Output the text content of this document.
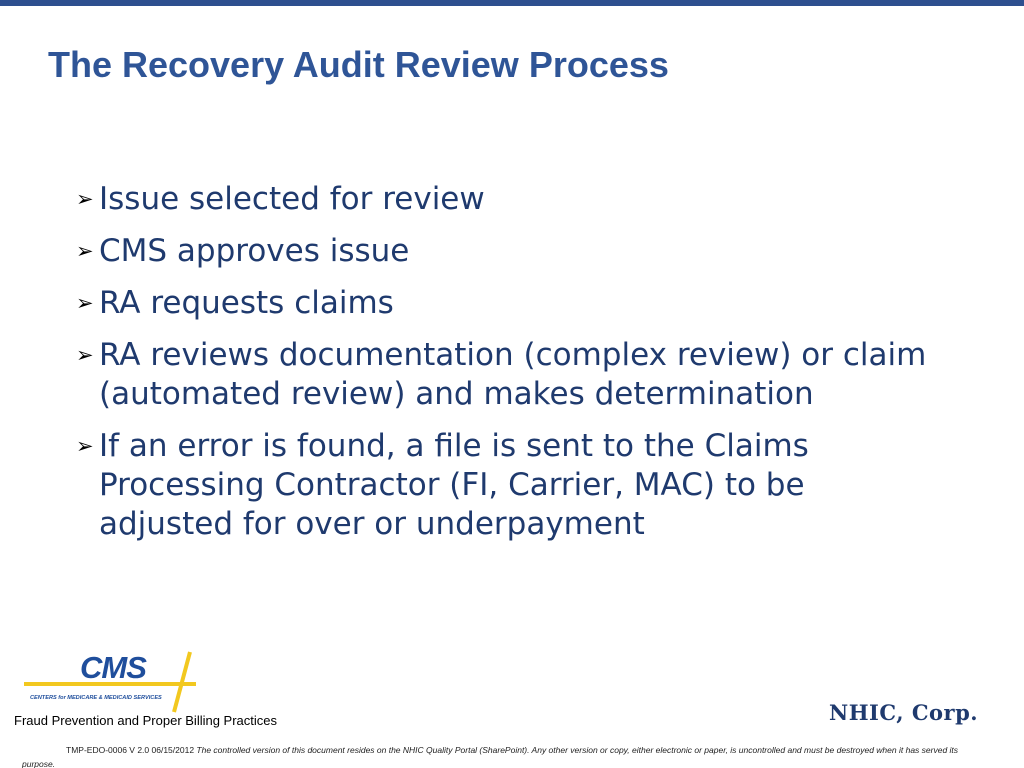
The Recovery Audit Review Process
➢ Issue selected for review
➢ CMS approves issue
➢ RA requests claims
➢ RA reviews documentation (complex review) or claim (automated review) and makes determination
➢ If an error is found, a file is sent to the Claims Processing Contractor (FI, Carrier, MAC) to be adjusted for over or underpayment
CMS
CENTERS for MEDICARE & MEDICAID SERVICES
Fraud Prevention and Proper Billing Practices	NHIC, Corp.
TMP-EDO-0006 V 2.0 06/15/2012 The controlled version of this document resides on the NHIC Quality Portal (SharePoint). Any other version or copy, either electronic or paper, is uncontrolled and must be destroyed when it has served its purpose.
